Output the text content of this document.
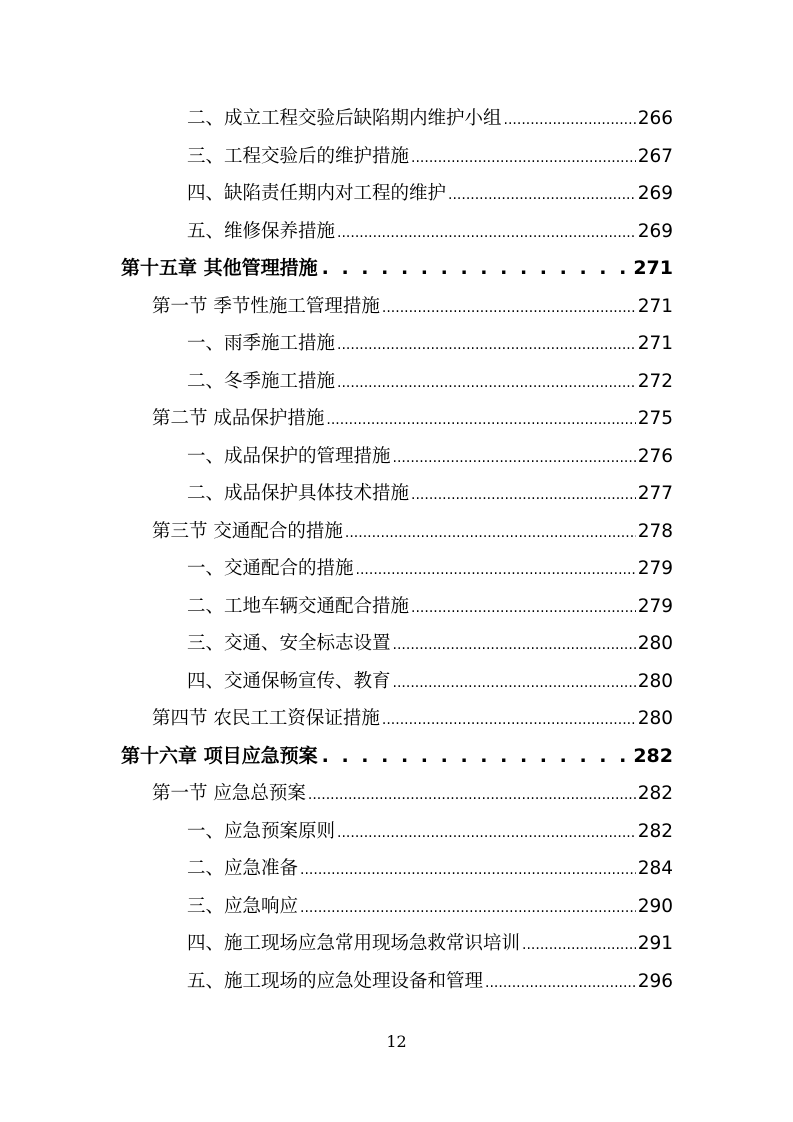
二、成立工程交验后缺陷期内维护小组 .....	266
三、工程交验后的维护措施 .....	267
四、缺陷责任期内对工程的维护 .....	269
五、维修保养措施 .....	269
第十五章 其他管理措施 . . .	271
第一节 季节性施工管理措施 .....	271
一、雨季施工措施 .....	271
二、冬季施工措施 .....	272
第二节 成品保护措施 .....	275
一、成品保护的管理措施 .....	276
二、成品保护具体技术措施 .....	277
第三节 交通配合的措施 .....	278
一、交通配合的措施 .....	279
二、工地车辆交通配合措施 .....	279
三、交通、安全标志设置 .....	280
四、交通保畅宣传、教育 .....	280
第四节 农民工工资保证措施 .....	280
第十六章 项目应急预案 . . .	282
第一节 应急总预案 .....	282
一、应急预案原则 .....	282
二、应急准备 .....	284
三、应急响应 .....	290
四、施工现场应急常用现场急救常识培训 .....	291
五、施工现场的应急处理设备和管理 .....	296
12
